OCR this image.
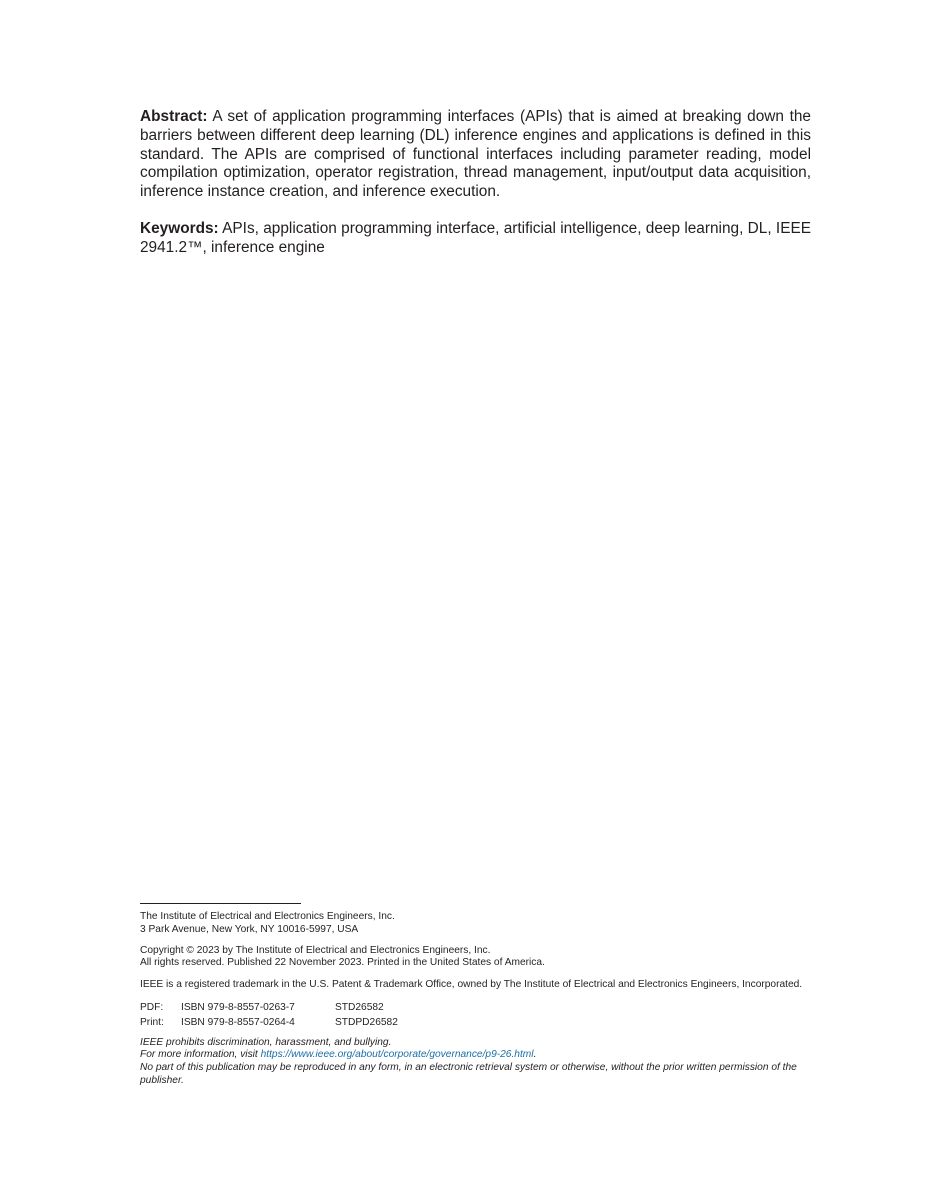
Abstract: A set of application programming interfaces (APIs) that is aimed at breaking down the barriers between different deep learning (DL) inference engines and applications is defined in this standard. The APIs are comprised of functional interfaces including parameter reading, model compilation optimization, operator registration, thread management, input/output data acquisition, inference instance creation, and inference execution.

Keywords: APIs, application programming interface, artificial intelligence, deep learning, DL, IEEE 2941.2™, inference engine

The Institute of Electrical and Electronics Engineers, Inc.
3 Park Avenue, New York, NY 10016-5997, USA
Copyright © 2023 by The Institute of Electrical and Electronics Engineers, Inc.
All rights reserved. Published 22 November 2023. Printed in the United States of America.
IEEE is a registered trademark in the U.S. Patent & Trademark Office, owned by The Institute of Electrical and Electronics Engineers, Incorporated.
PDF:	ISBN 979-8-8557-0263-7	STD26582
Print:	ISBN 979-8-8557-0264-4	STDPD26582
IEEE prohibits discrimination, harassment, and bullying.
For more information, visit https://www.ieee.org/about/corporate/governance/p9-26.html.
No part of this publication may be reproduced in any form, in an electronic retrieval system or otherwise, without the prior written permission of the publisher.
